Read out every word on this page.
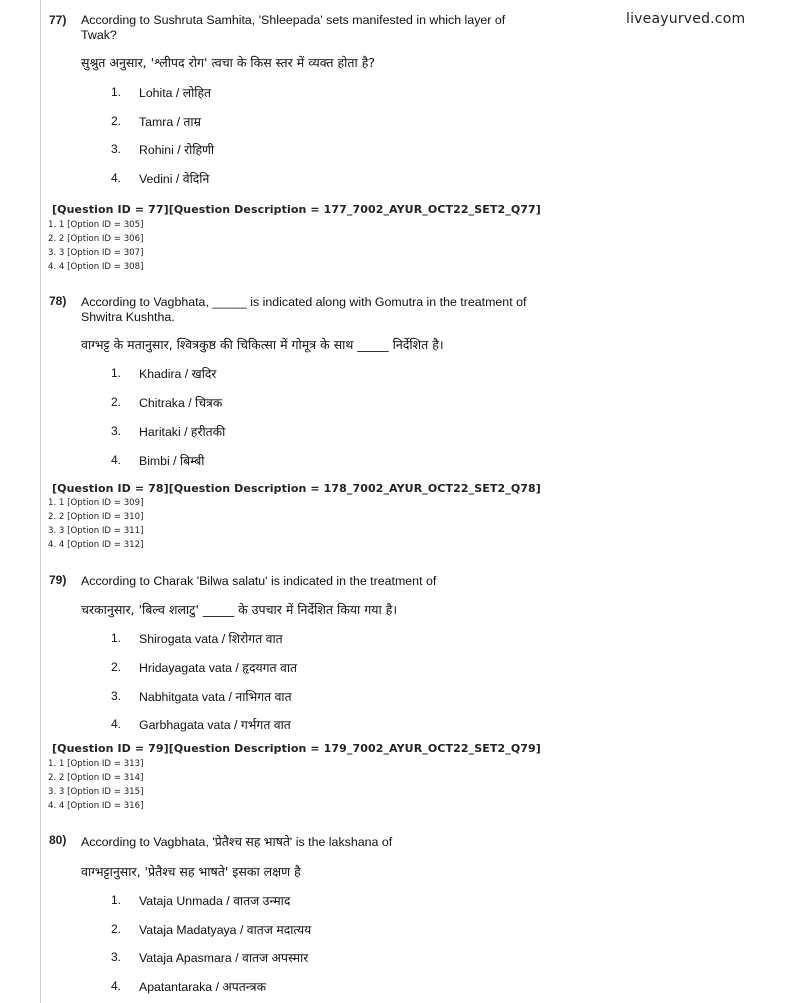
liveayurved.com
77) According to Sushruta Samhita, 'Shleepada' sets manifested in which layer of Twak?
सुश्रुत अनुसार, 'श्लीपद रोग' त्वचा के किस स्तर में व्यक्त होता है?
1. Lohita / लोहित
2. Tamra / ताम्र
3. Rohini / रोहिणी
4. Vedini / वेदिनि
[Question ID = 77][Question Description = 177_7002_AYUR_OCT22_SET2_Q77]
1. 1 [Option ID = 305]
2. 2 [Option ID = 306]
3. 3 [Option ID = 307]
4. 4 [Option ID = 308]
78) According to Vagbhata, _____ is indicated along with Gomutra in the treatment of Shwitra Kushtha.
वाग्भट्ट के मतानुसार, श्वित्रकुष्ठ की चिकित्सा में गोमूत्र के साथ _____ निर्देशित है।
1. Khadira / खदिर
2. Chitraka / चित्रक
3. Haritaki / हरीतकी
4. Bimbi / बिम्बी
[Question ID = 78][Question Description = 178_7002_AYUR_OCT22_SET2_Q78]
1. 1 [Option ID = 309]
2. 2 [Option ID = 310]
3. 3 [Option ID = 311]
4. 4 [Option ID = 312]
79) According to Charak 'Bilwa salatu' is indicated in the treatment of
चरकानुसार, 'बिल्व शलाटु' _____ के उपचार में निर्देशित किया गया है।
1. Shirogata vata / शिरोगत वात
2. Hridayagata vata / हृदयगत वात
3. Nabhitgata vata / नाभिगत वात
4. Garbhagata vata / गर्भगत वात
[Question ID = 79][Question Description = 179_7002_AYUR_OCT22_SET2_Q79]
1. 1 [Option ID = 313]
2. 2 [Option ID = 314]
3. 3 [Option ID = 315]
4. 4 [Option ID = 316]
80) According to Vagbhata, 'प्रेतैश्च सह भाषते' is the lakshana of
वाग्भट्टानुसार, 'प्रेतैश्च सह भाषते' इसका लक्षण है
1. Vataja Unmada / वातज उन्माद
2. Vataja Madatyaya / वातज मदात्यय
3. Vataja Apasmara / वातज अपस्मार
4. Apatantaraka / अपतन्त्रक
